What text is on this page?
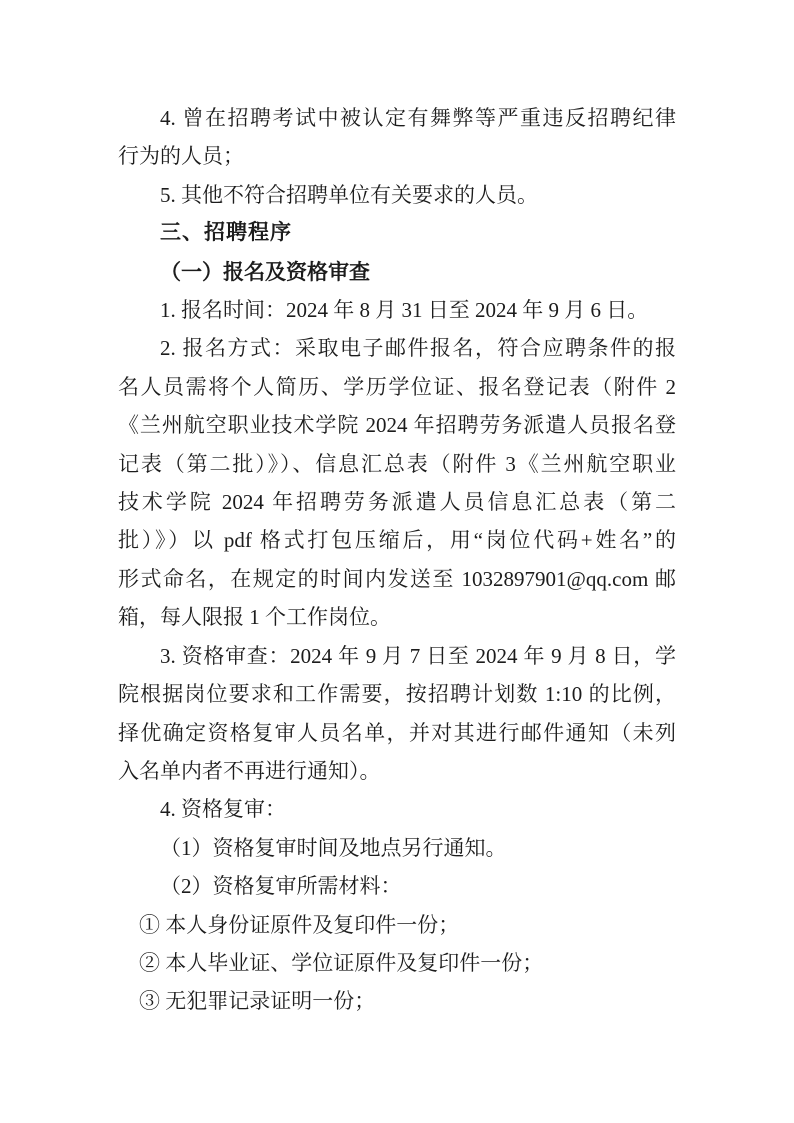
4. 曾在招聘考试中被认定有舞弊等严重违反招聘纪律
行为的人员；
5. 其他不符合招聘单位有关要求的人员。
三、招聘程序
（一）报名及资格审查
1. 报名时间：2024 年 8 月 31 日至 2024 年 9 月 6 日。
2. 报名方式：采取电子邮件报名，符合应聘条件的报
名人员需将个人简历、学历学位证、报名登记表（附件 2
《兰州航空职业技术学院 2024 年招聘劳务派遣人员报名登
记表（第二批）》）、信息汇总表（附件 3《兰州航空职业
技术学院 2024 年招聘劳务派遣人员信息汇总表（第二
批）》）以 pdf 格式打包压缩后，用“岗位代码+姓名”的
形式命名，在规定的时间内发送至 1032897901@qq.com 邮
箱，每人限报 1 个工作岗位。
3. 资格审查：2024 年 9 月 7 日至 2024 年 9 月 8 日，学
院根据岗位要求和工作需要，按招聘计划数 1:10 的比例，
择优确定资格复审人员名单，并对其进行邮件通知（未列
入名单内者不再进行通知）。
4. 资格复审：
（1）资格复审时间及地点另行通知。
（2）资格复审所需材料：
① 本人身份证原件及复印件一份；
② 本人毕业证、学位证原件及复印件一份；
③ 无犯罪记录证明一份；
